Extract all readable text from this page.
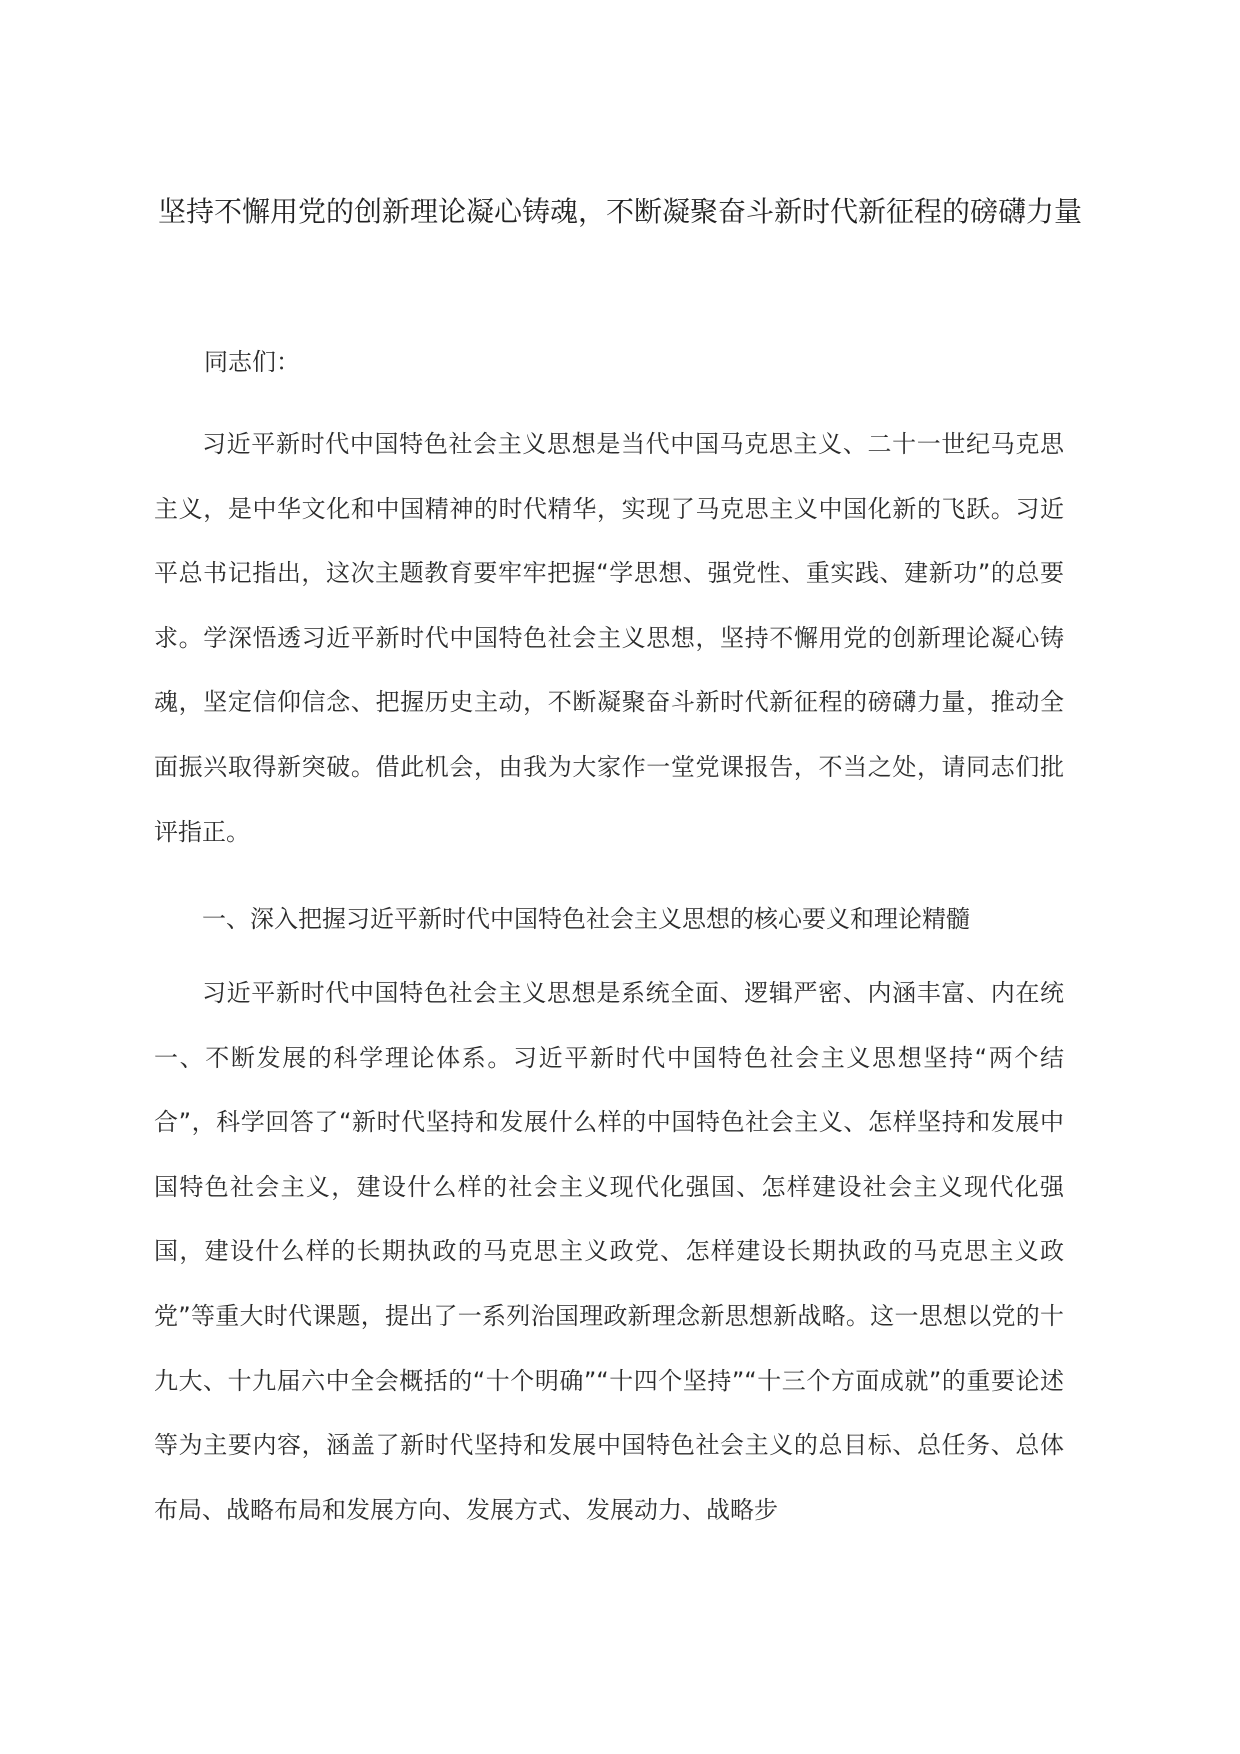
坚持不懈用党的创新理论凝心铸魂，不断凝聚奋斗新时代新征程的磅礴力量

同志们：

习近平新时代中国特色社会主义思想是当代中国马克思主义、二十一世纪马克思主义，是中华文化和中国精神的时代精华，实现了马克思主义中国化新的飞跃。习近平总书记指出，这次主题教育要牢牢把握“学思想、强党性、重实践、建新功”的总要求。学深悟透习近平新时代中国特色社会主义思想，坚持不懈用党的创新理论凝心铸魂，坚定信仰信念、把握历史主动，不断凝聚奋斗新时代新征程的磅礴力量，推动全面振兴取得新突破。借此机会，由我为大家作一堂党课报告，不当之处，请同志们批评指正。

一、深入把握习近平新时代中国特色社会主义思想的核心要义和理论精髓

习近平新时代中国特色社会主义思想是系统全面、逻辑严密、内涵丰富、内在统一、不断发展的科学理论体系。习近平新时代中国特色社会主义思想坚持“两个结合”，科学回答了“新时代坚持和发展什么样的中国特色社会主义、怎样坚持和发展中国特色社会主义，建设什么样的社会主义现代化强国、怎样建设社会主义现代化强国，建设什么样的长期执政的马克思主义政党、怎样建设长期执政的马克思主义政党”等重大时代课题，提出了一系列治国理政新理念新思想新战略。这一思想以党的十九大、十九届六中全会概括的“十个明确”“十四个坚持”“十三个方面成就”的重要论述等为主要内容，涵盖了新时代坚持和发展中国特色社会主义的总目标、总任务、总体布局、战略布局和发展方向、发展方式、发展动力、战略步
